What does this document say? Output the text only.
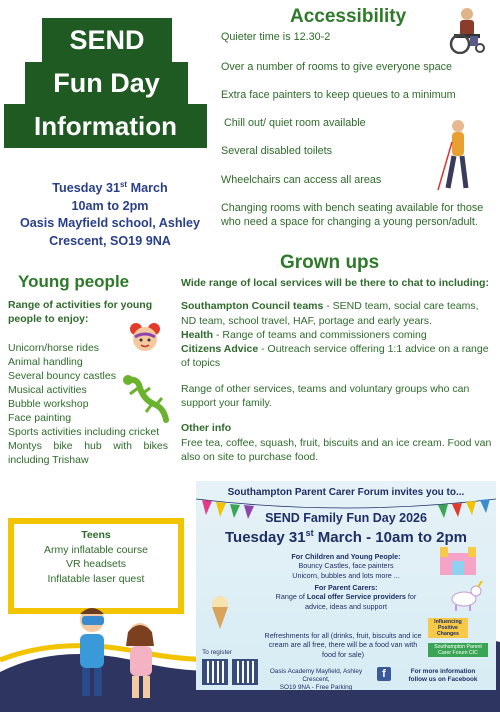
SEND
Fun Day
Information
Tuesday 31st March
10am to 2pm
Oasis Mayfield school, Ashley
Crescent, SO19 9NA
Accessibility
Quieter time is 12.30-2
Over a number of rooms to give everyone space
Extra face painters to keep queues to a minimum
Chill out/ quiet room available
Several disabled toilets
Wheelchairs can access all areas
Changing rooms with bench seating available for those
who need a space for changing a young person/adult.
Grown ups

Wide range of local services will be there to chat to including:

Southampton Council teams - SEND team, social care teams, ND team, school travel, HAF, portage and early years.

Health - Range of teams and commissioners coming

Citizens Advice - Outreach service offering 1:1 advice on a range of topics

Range of other services, teams and voluntary groups who can support your family.

Other info

Free tea, coffee, squash, fruit, biscuits and an ice cream. Food van also on site to purchase food.

Young people
Range of activities for young people to enjoy:
Unicorn/horse rides
Animal handling
Several bouncy castles
Musical activities
Bubble workshop
Face painting
Sports activities including cricket
Montys bike hub with bikes including Trishaw
Teens
Army inflatable course
VR headsets
Inflatable laser quest
Southampton Parent Carer Forum invites you to...
SEND Family Fun Day 2026
Tuesday 31st March - 10am to 2pm
For Children and Young People:
Bouncy Castles, face painters
Unicorn, bubbles and lots more ...
For Parent Carers:
Range of Local offer Service providers for
advice, ideas and support
Refreshments for all (drinks, fruit, biscuits and ice
cream are all free, there will be a food van with
food for sale)
Influencing
Positive
Changes
Southampton Parent
Carer Forum CIC
To register
Oasis Academy Mayfield, Ashley Crescent,
SO19 9NA - Free Parking
f	For more information
follow us on Facebook
